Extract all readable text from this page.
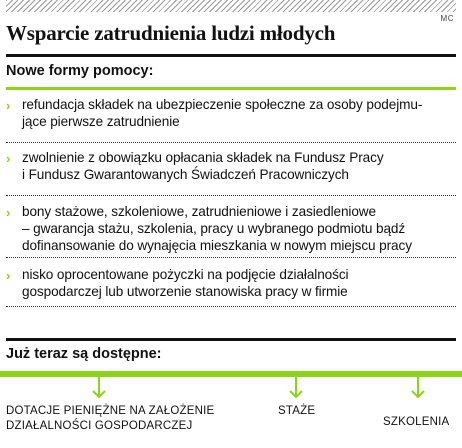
MC
Wsparcie zatrudnienia ludzi młodych
Nowe formy pomocy:
› refundacja składek na ubezpieczenie społeczne za osoby podejmu-
jące pierwsze zatrudnienie
› zwolnienie z obowiązku opłacania składek na Fundusz Pracy
i Fundusz Gwarantowanych Świadczeń Pracowniczych
› bony stażowe, szkoleniowe, zatrudnieniowe i zasiedleniowe
– gwarancja stażu, szkolenia, pracy u wybranego podmiotu bądź
dofinansowanie do wynajęcia mieszkania w nowym miejscu pracy
› nisko oprocentowane pożyczki na podjęcie działalności
gospodarczej lub utworzenie stanowiska pracy w firmie
Już teraz są dostępne:
DOTACJE PIENIĘŻNE NA ZAŁOŻENIE
DZIAŁALNOŚCI GOSPODARCZEJ
STAŻE
SZKOLENIA
